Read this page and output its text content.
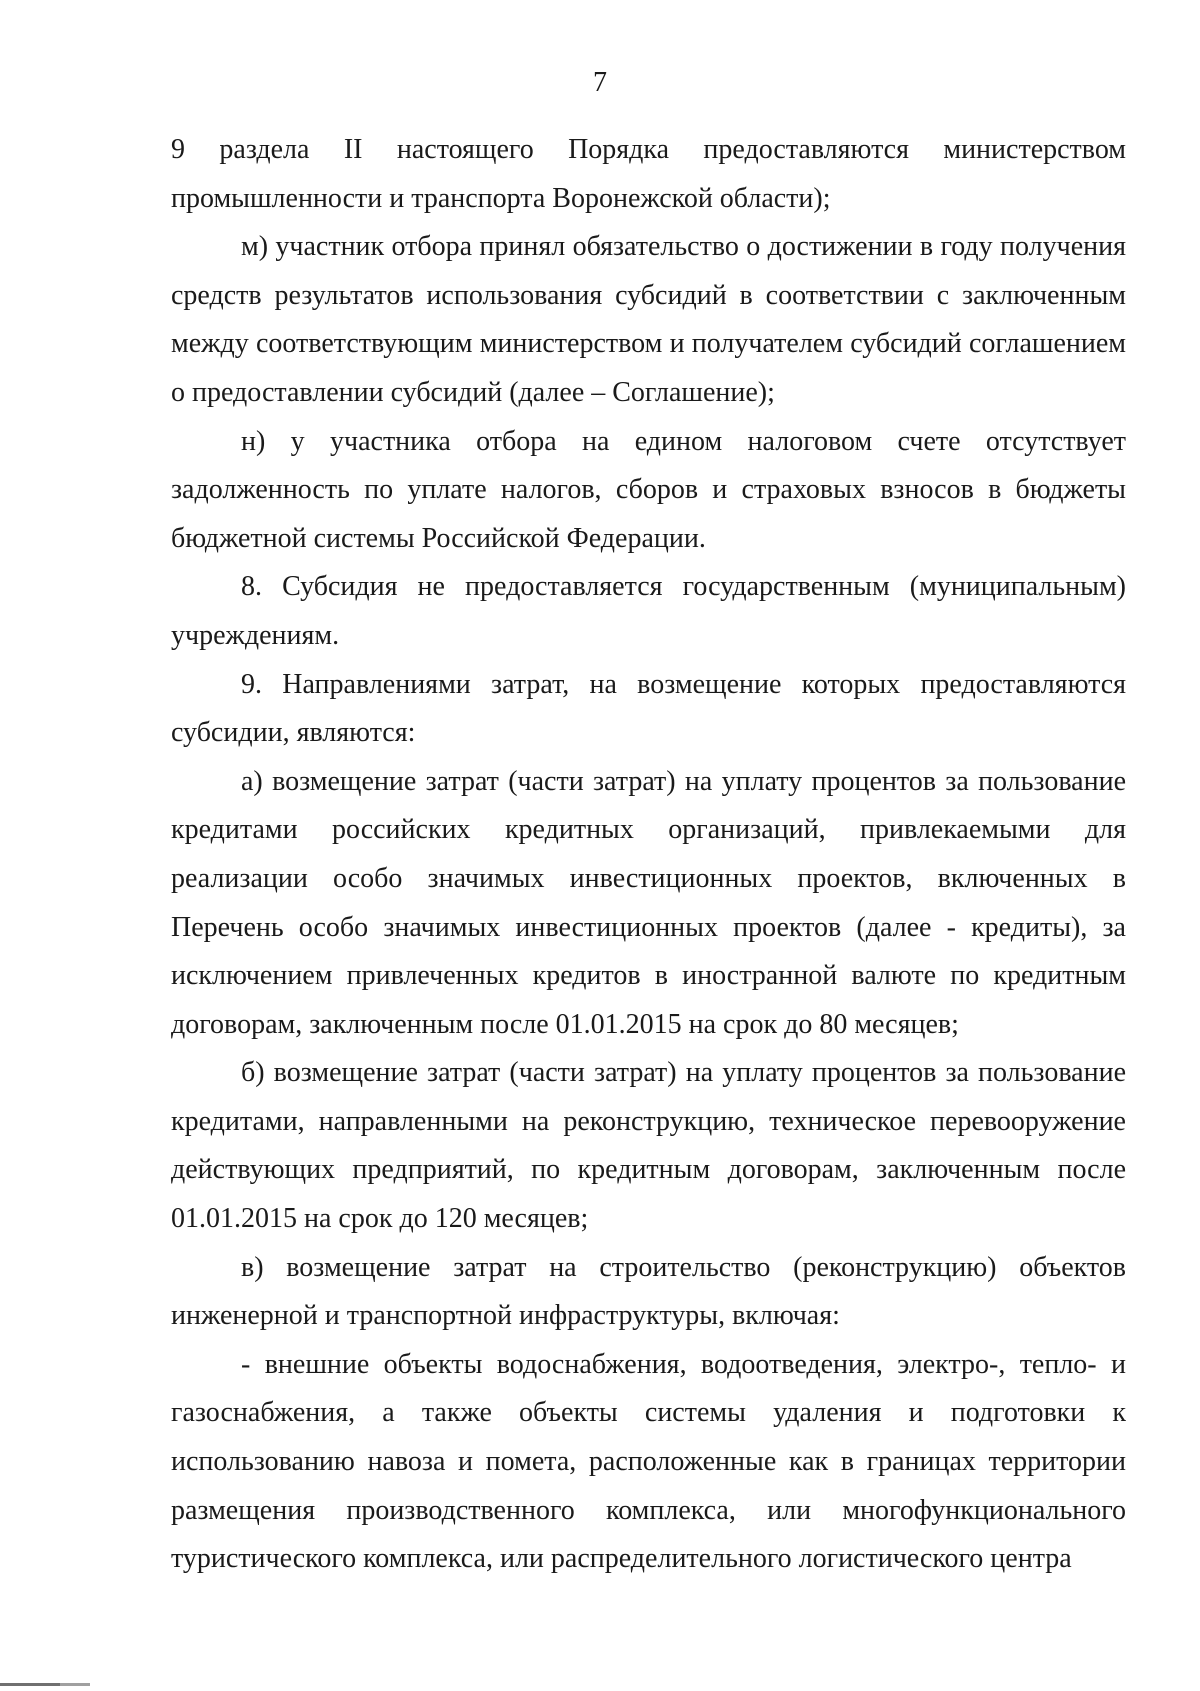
7

9 раздела II настоящего Порядка предоставляются министерством промышленности и транспорта Воронежской области);

м) участник отбора принял обязательство о достижении в году получения средств результатов использования субсидий в соответствии с заключенным между соответствующим министерством и получателем субсидий соглашением о предоставлении субсидий (далее – Соглашение);

н) у участника отбора на едином налоговом счете отсутствует задолженность по уплате налогов, сборов и страховых взносов в бюджеты бюджетной системы Российской Федерации.

8. Субсидия не предоставляется государственным (муниципальным) учреждениям.

9. Направлениями затрат, на возмещение которых предоставляются субсидии, являются:

а) возмещение затрат (части затрат) на уплату процентов за пользование кредитами российских кредитных организаций, привлекаемыми для реализации особо значимых инвестиционных проектов, включенных в Перечень особо значимых инвестиционных проектов (далее - кредиты), за исключением привлеченных кредитов в иностранной валюте по кредитным договорам, заключенным после 01.01.2015 на срок до 80 месяцев;

б) возмещение затрат (части затрат) на уплату процентов за пользование кредитами, направленными на реконструкцию, техническое перевооружение действующих предприятий, по кредитным договорам, заключенным после 01.01.2015 на срок до 120 месяцев;

в) возмещение затрат на строительство (реконструкцию) объектов инженерной и транспортной инфраструктуры, включая:

- внешние объекты водоснабжения, водоотведения, электро-, тепло- и газоснабжения, а также объекты системы удаления и подготовки к использованию навоза и помета, расположенные как в границах территории размещения производственного комплекса, или многофункционального туристического комплекса, или распределительного логистического центра
